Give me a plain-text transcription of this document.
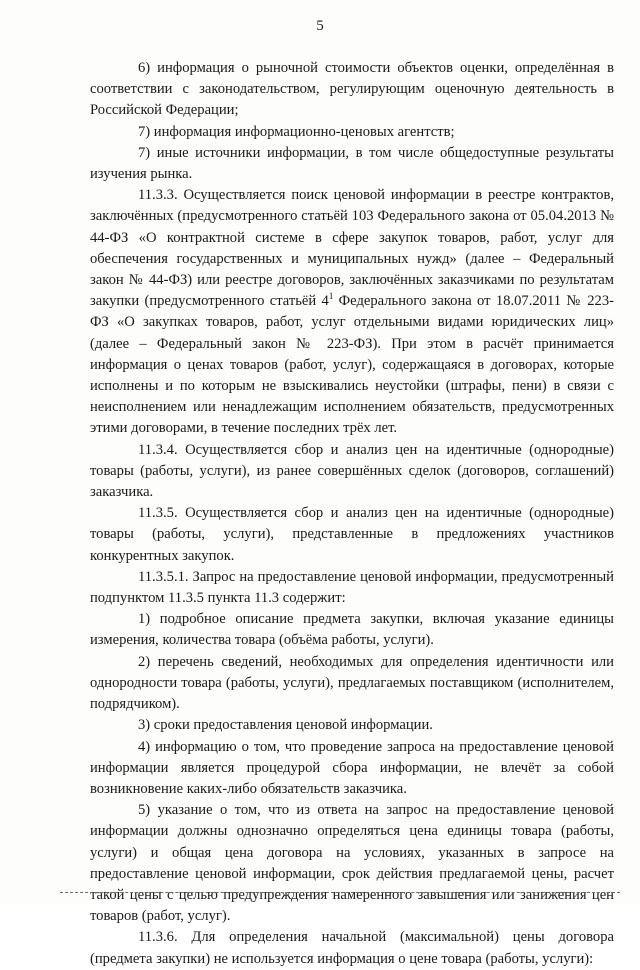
5

6) информация о рыночной стоимости объектов оценки, определённая в соответствии с законодательством, регулирующим оценочную деятельность в Российской Федерации;

7) информация информационно-ценовых агентств;

7) иные источники информации, в том числе общедоступные результаты изучения рынка.

11.3.3. Осуществляется поиск ценовой информации в реестре контрактов, заключённых (предусмотренного статьёй 103 Федерального закона от 05.04.2013 № 44-ФЗ «О контрактной системе в сфере закупок товаров, работ, услуг для обеспечения государственных и муниципальных нужд» (далее – Федеральный закон № 44-ФЗ) или реестре договоров, заключённых заказчиками по результатам закупки (предусмотренного статьёй $4^1$ Федерального закона от 18.07.2011 № 223-ФЗ «О закупках товаров, работ, услуг отдельными видами юридических лиц» (далее – Федеральный закон № 223-ФЗ). При этом в расчёт принимается информация о ценах товаров (работ, услуг), содержащаяся в договорах, которые исполнены и по которым не взыскивались неустойки (штрафы, пени) в связи с неисполнением или ненадлежащим исполнением обязательств, предусмотренных этими договорами, в течение последних трёх лет.

11.3.4. Осуществляется сбор и анализ цен на идентичные (однородные) товары (работы, услуги), из ранее совершённых сделок (договоров, соглашений) заказчика.

11.3.5. Осуществляется сбор и анализ цен на идентичные (однородные) товары (работы, услуги), представленные в предложениях участников конкурентных закупок.

11.3.5.1. Запрос на предоставление ценовой информации, предусмотренный подпунктом 11.3.5 пункта 11.3 содержит:

1) подробное описание предмета закупки, включая указание единицы измерения, количества товара (объёма работы, услуги).

2) перечень сведений, необходимых для определения идентичности или однородности товара (работы, услуги), предлагаемых поставщиком (исполнителем, подрядчиком).

3) сроки предоставления ценовой информации.

4) информацию о том, что проведение запроса на предоставление ценовой информации является процедурой сбора информации, не влечёт за собой возникновение каких-либо обязательств заказчика.

5) указание о том, что из ответа на запрос на предоставление ценовой информации должны однозначно определяться цена единицы товара (работы, услуги) и общая цена договора на условиях, указанных в запросе на предоставление ценовой информации, срок действия предлагаемой цены, расчет такой цены с целью предупреждения намеренного завышения или занижения цен товаров (работ, услуг).

11.3.6. Для определения начальной (максимальной) цены договора (предмета закупки) не используется информация о цене товара (работы, услуги):
